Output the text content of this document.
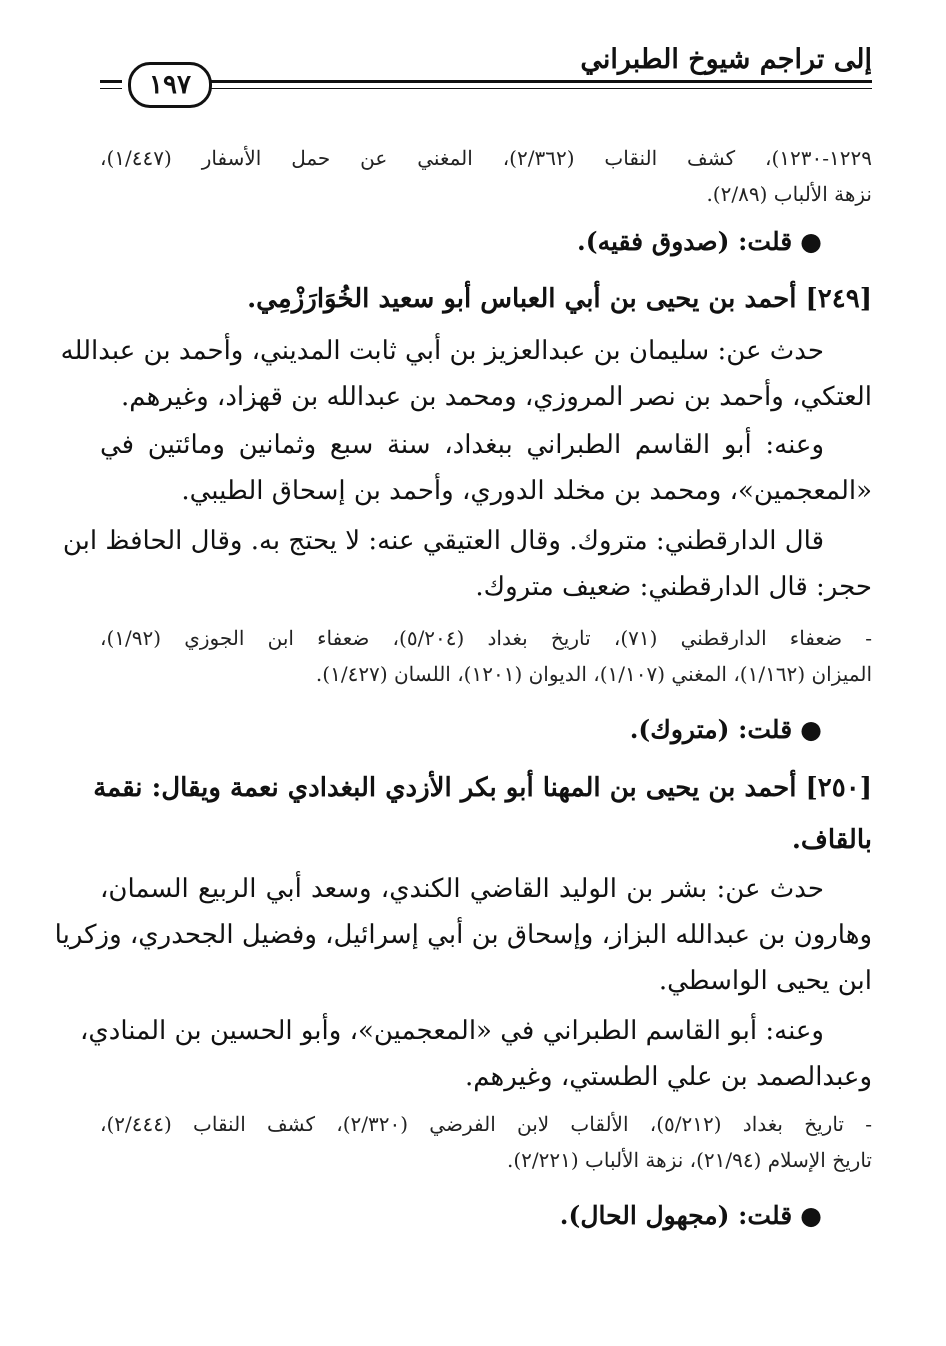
١٩٧
إلى تراجم شيوخ الطبراني
١٢٢٩-١٢٣٠)، كشف النقاب (٢/٣٦٢)، المغني عن حمل الأسفار (١/٤٤٧)،
نزهة الألباب (٢/٨٩).
●قلت: (صدوق فقيه).
[٢٤٩] أحمد بن يحيى بن أبي العباس أبو سعيد الخُوَارَزْمِي.
حدث عن: سليمان بن عبدالعزيز بن أبي ثابت المديني، وأحمد بن عبدالله
العتكي، وأحمد بن نصر المروزي، ومحمد بن عبدالله بن قهزاد، وغيرهم.
وعنه: أبو القاسم الطبراني ببغداد، سنة سبع وثمانين ومائتين في
«المعجمين»، ومحمد بن مخلد الدوري، وأحمد بن إسحاق الطيبي.
قال الدارقطني: متروك. وقال العتيقي عنه: لا يحتج به. وقال الحافظ ابن
حجر: قال الدارقطني: ضعيف متروك.
- ضعفاء الدارقطني (٧١)، تاريخ بغداد (٥/٢٠٤)، ضعفاء ابن الجوزي (١/٩٢)،
الميزان (١/١٦٢)، المغني (١/١٠٧)، الديوان (١٢٠١)، اللسان (١/٤٢٧).
●قلت: (متروك).
[٢٥٠] أحمد بن يحيى بن المهنا أبو بكر الأزدي البغدادي نعمة ويقال: نقمة
بالقاف.
حدث عن: بشر بن الوليد القاضي الكندي، وسعد أبي الربيع السمان،
وهارون بن عبدالله البزاز، وإسحاق بن أبي إسرائيل، وفضيل الجحدري، وزكريا
ابن يحيى الواسطي.
وعنه: أبو القاسم الطبراني في «المعجمين»، وأبو الحسين بن المنادي،
وعبدالصمد بن علي الطستي، وغيرهم.
- تاريخ بغداد (٥/٢١٢)، الألقاب لابن الفرضي (٢/٣٢٠)، كشف النقاب (٢/٤٤٤)،
تاريخ الإسلام (٢١/٩٤)، نزهة الألباب (٢/٢٢١).
●قلت: (مجهول الحال).
